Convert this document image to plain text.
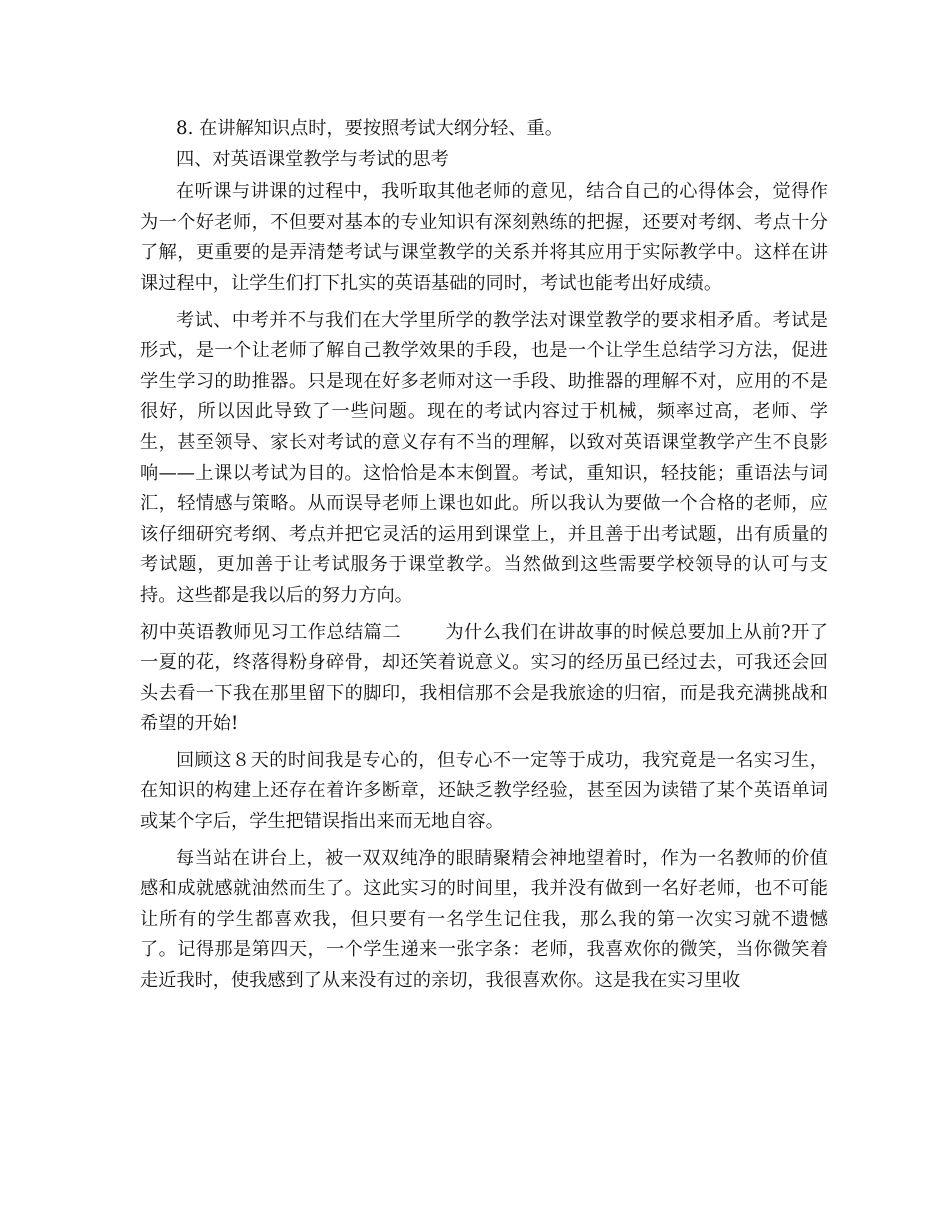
8. 在讲解知识点时，要按照考试大纲分轻、重。
四、对英语课堂教学与考试的思考

在听课与讲课的过程中，我听取其他老师的意见，结合自己的心得体会，觉得作为一个好老师，不但要对基本的专业知识有深刻熟练的把握，还要对考纲、考点十分了解，更重要的是弄清楚考试与课堂教学的关系并将其应用于实际教学中。这样在讲课过程中，让学生们打下扎实的英语基础的同时，考试也能考出好成绩。

考试、中考并不与我们在大学里所学的教学法对课堂教学的要求相矛盾。考试是形式，是一个让老师了解自己教学效果的手段，也是一个让学生总结学习方法，促进学生学习的助推器。只是现在好多老师对这一手段、助推器的理解不对，应用的不是很好，所以因此导致了一些问题。现在的考试内容过于机械，频率过高，老师、学生，甚至领导、家长对考试的意义存有不当的理解，以致对英语课堂教学产生不良影响——上课以考试为目的。这恰恰是本末倒置。考试，重知识，轻技能；重语法与词汇，轻情感与策略。从而误导老师上课也如此。所以我认为要做一个合格的老师，应该仔细研究考纲、考点并把它灵活的运用到课堂上，并且善于出考试题，出有质量的考试题，更加善于让考试服务于课堂教学。当然做到这些需要学校领导的认可与支持。这些都是我以后的努力方向。

初中英语教师见习工作总结篇二 为什么我们在讲故事的时候总要加上从前?开了一夏的花，终落得粉身碎骨，却还笑着说意义。实习的经历虽已经过去，可我还会回头去看一下我在那里留下的脚印，我相信那不会是我旅途的归宿，而是我充满挑战和希望的开始!

回顾这８天的时间我是专心的，但专心不一定等于成功，我究竟是一名实习生，在知识的构建上还存在着许多断章，还缺乏教学经验，甚至因为读错了某个英语单词或某个字后，学生把错误指出来而无地自容。

每当站在讲台上，被一双双纯净的眼睛聚精会神地望着时，作为一名教师的价值感和成就感就油然而生了。这此实习的时间里，我并没有做到一名好老师，也不可能让所有的学生都喜欢我，但只要有一名学生记住我，那么我的第一次实习就不遗憾了。记得那是第四天，一个学生递来一张字条：老师，我喜欢你的微笑，当你微笑着走近我时，使我感到了从来没有过的亲切，我很喜欢你。这是我在实习里收
